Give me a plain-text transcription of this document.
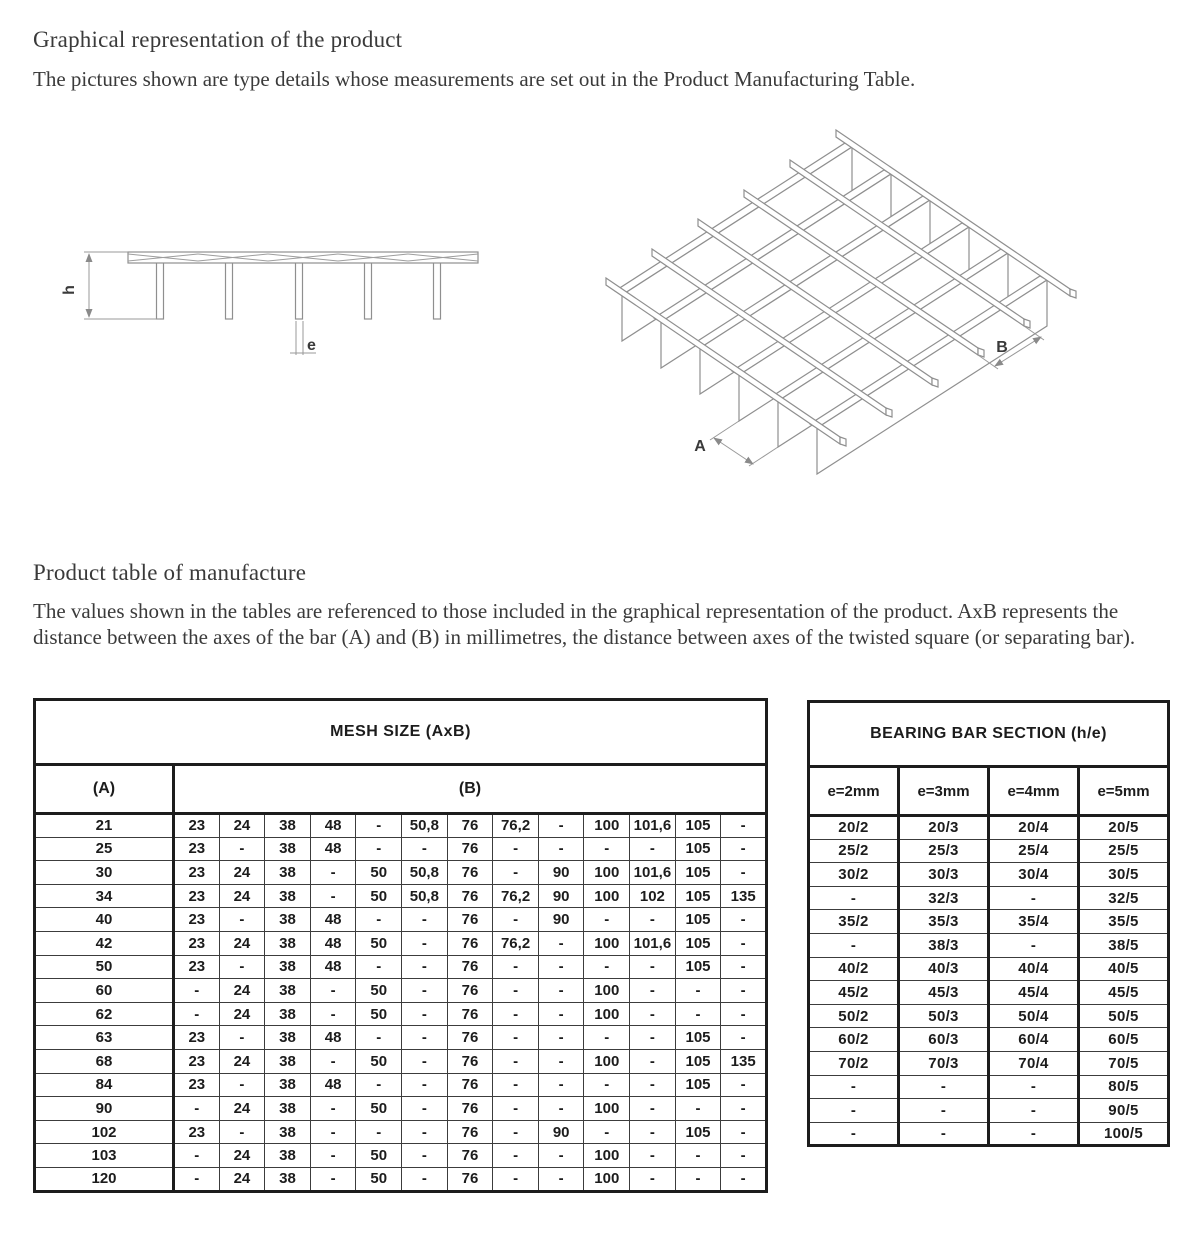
Graphical representation of the product
The pictures shown are type details whose measurements are set out in the Product Manufacturing Table.
h
e
A
B
Product table of manufacture
The values shown in the tables are referenced to those included in the graphical representation of the product. AxB represents the distance between the axes of the bar (A) and (B) in millimetres, the distance between axes of the twisted square (or separating bar).
MESH SIZE (AxB)													
(A)	(B)												
21	23	24	38	48	-	50,8	76	76,2	-	100	101,6	105	-
25	23	-	38	48	-	-	76	-	-	-	-	105	-
30	23	24	38	-	50	50,8	76	-	90	100	101,6	105	-
34	23	24	38	-	50	50,8	76	76,2	90	100	102	105	135
40	23	-	38	48	-	-	76	-	90	-	-	105	-
42	23	24	38	48	50	-	76	76,2	-	100	101,6	105	-
50	23	-	38	48	-	-	76	-	-	-	-	105	-
60	-	24	38	-	50	-	76	-	-	100	-	-	-
62	-	24	38	-	50	-	76	-	-	100	-	-	-
63	23	-	38	48	-	-	76	-	-	-	-	105	-
68	23	24	38	-	50	-	76	-	-	100	-	105	135
84	23	-	38	48	-	-	76	-	-	-	-	105	-
90	-	24	38	-	50	-	76	-	-	100	-	-	-
102	23	-	38	-	-	-	76	-	90	-	-	105	-
103	-	24	38	-	50	-	76	-	-	100	-	-	-
120	-	24	38	-	50	-	76	-	-	100	-	-	-
BEARING BAR SECTION (h/e)			
e=2mm	e=3mm	e=4mm	e=5mm
20/2	20/3	20/4	20/5
25/2	25/3	25/4	25/5
30/2	30/3	30/4	30/5
-	32/3	-	32/5
35/2	35/3	35/4	35/5
-	38/3	-	38/5
40/2	40/3	40/4	40/5
45/2	45/3	45/4	45/5
50/2	50/3	50/4	50/5
60/2	60/3	60/4	60/5
70/2	70/3	70/4	70/5
-	-	-	80/5
-	-	-	90/5
-	-	-	100/5
